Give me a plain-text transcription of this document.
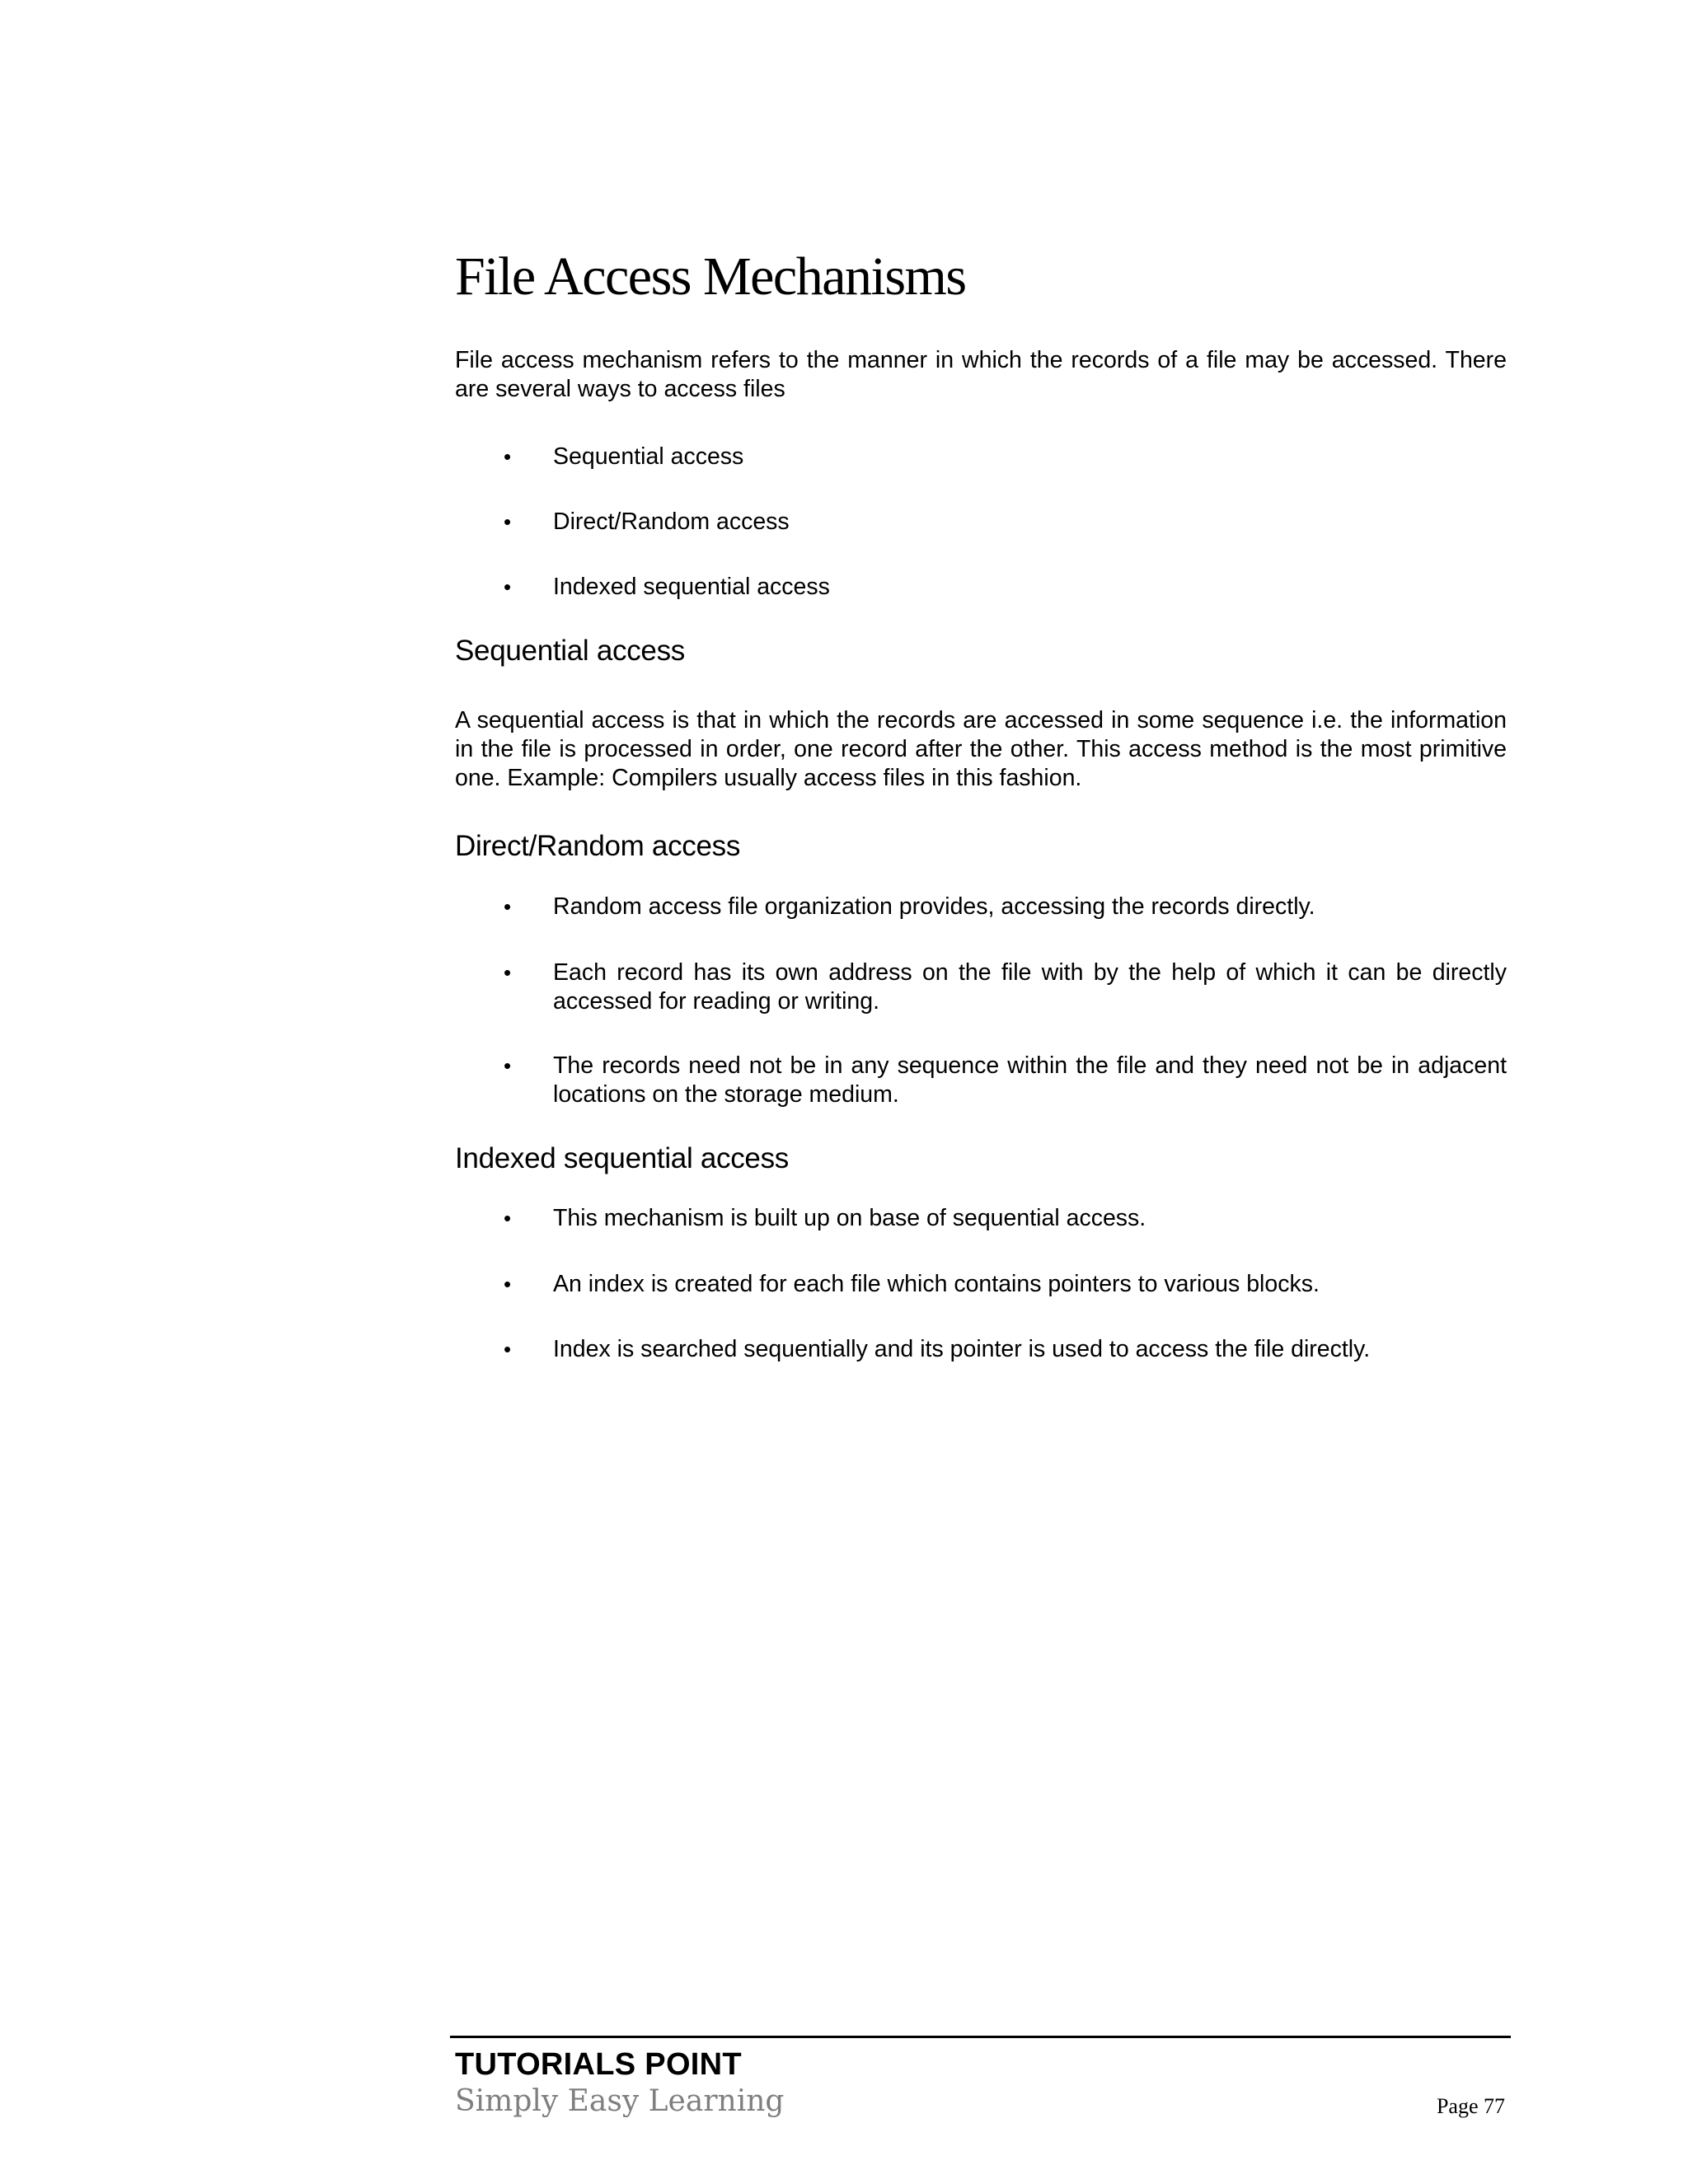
File Access Mechanisms

File access mechanism refers to the manner in which the records of a file may be accessed. There are several ways to access files

• Sequential access
• Direct/Random access
• Indexed sequential access
Sequential access

A sequential access is that in which the records are accessed in some sequence i.e. the information in the file is processed in order, one record after the other. This access method is the most primitive one. Example: Compilers usually access files in this fashion.

Direct/Random access
• Random access file organization provides, accessing the records directly.
• Each record has its own address on the file with by the help of which it can be directly accessed for reading or writing.
• The records need not be in any sequence within the file and they need not be in adjacent locations on the storage medium.
Indexed sequential access
• This mechanism is built up on base of sequential access.
• An index is created for each file which contains pointers to various blocks.
• Index is searched sequentially and its pointer is used to access the file directly.

TUTORIALS POINT

Simply Easy Learning	Page 77
